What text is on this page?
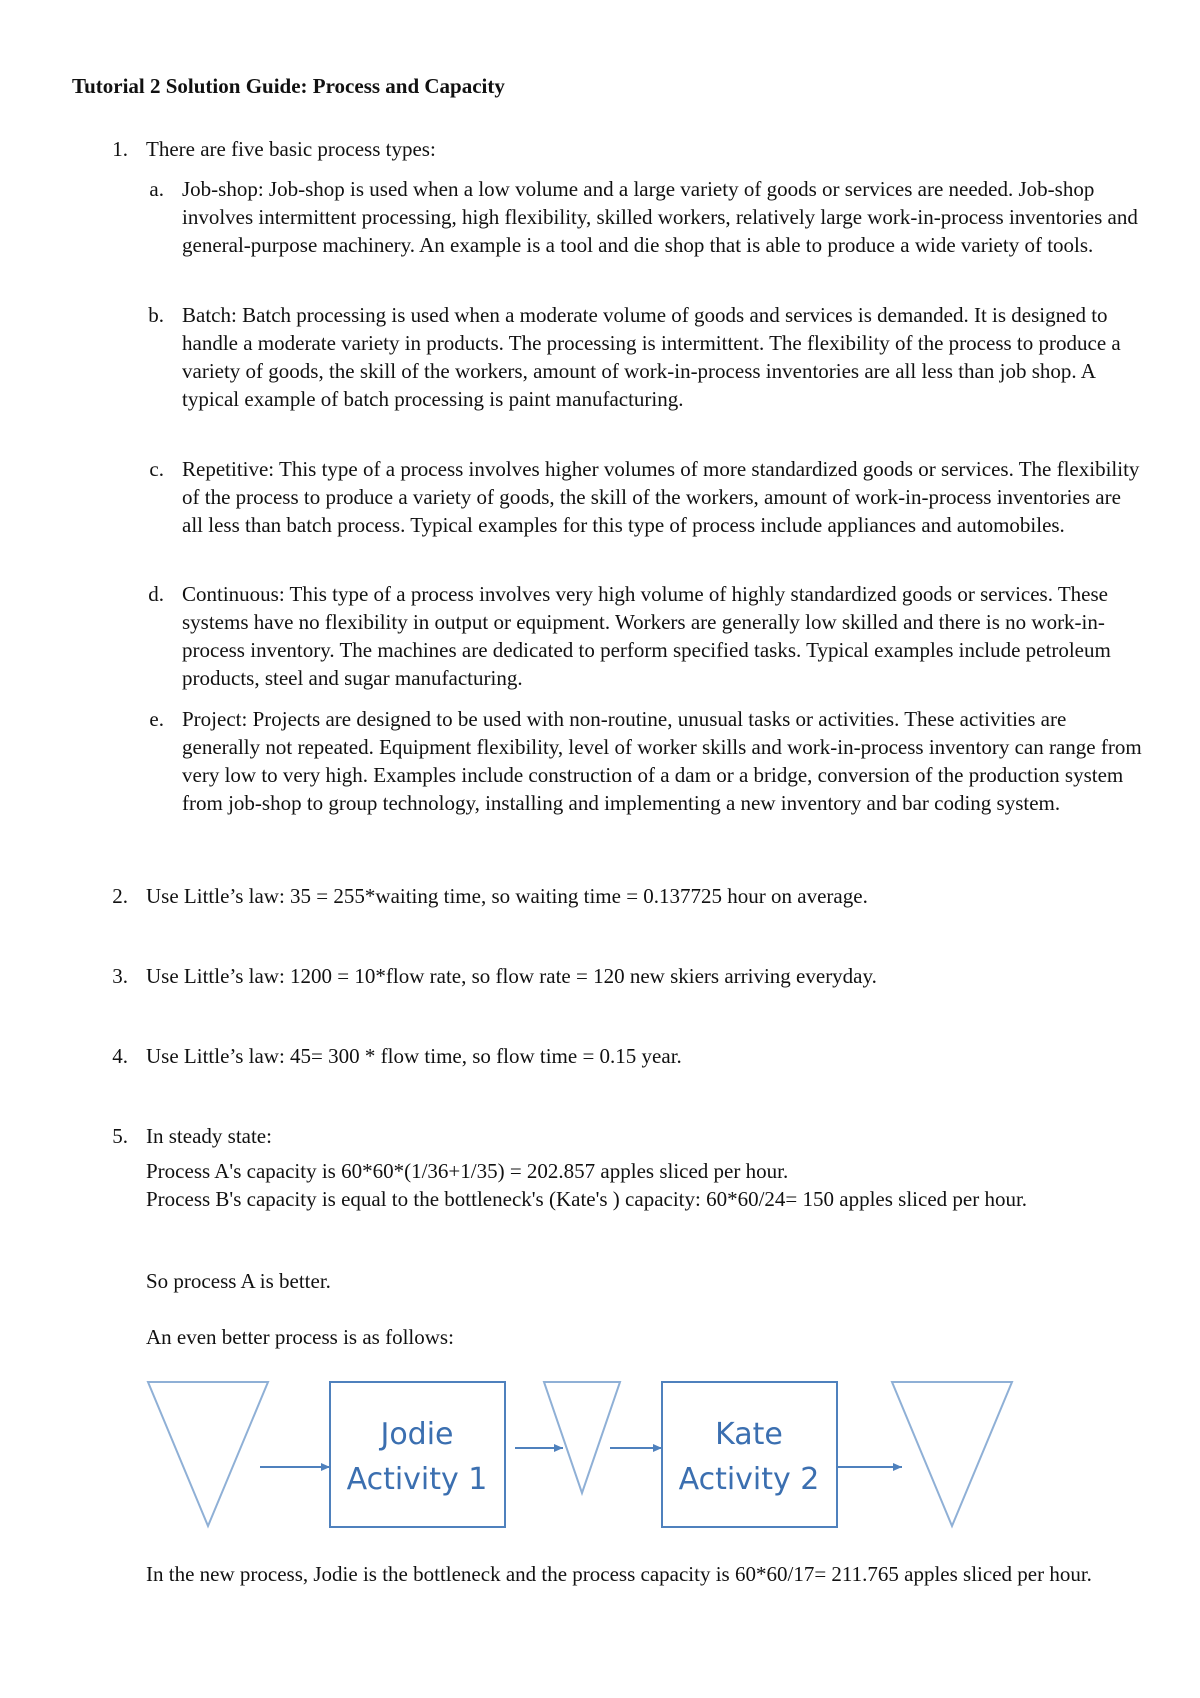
Tutorial 2 Solution Guide: Process and Capacity
1. There are five basic process types:
a. Job-shop: Job-shop is used when a low volume and a large variety of goods or services are needed. Job-shop involves intermittent processing, high flexibility, skilled workers, relatively large work-in-process inventories and general-purpose machinery. An example is a tool and die shop that is able to produce a wide variety of tools.
b. Batch: Batch processing is used when a moderate volume of goods and services is demanded. It is designed to handle a moderate variety in products. The processing is intermittent. The flexibility of the process to produce a variety of goods, the skill of the workers, amount of work-in-process inventories are all less than job shop. A typical example of batch processing is paint manufacturing.
c. Repetitive: This type of a process involves higher volumes of more standardized goods or services. The flexibility of the process to produce a variety of goods, the skill of the workers, amount of work-in-process inventories are all less than batch process. Typical examples for this type of process include appliances and automobiles.
d. Continuous: This type of a process involves very high volume of highly standardized goods or services. These systems have no flexibility in output or equipment. Workers are generally low skilled and there is no work-in-process inventory. The machines are dedicated to perform specified tasks. Typical examples include petroleum products, steel and sugar manufacturing.
e. Project: Projects are designed to be used with non-routine, unusual tasks or activities. These activities are generally not repeated. Equipment flexibility, level of worker skills and work-in-process inventory can range from very low to very high. Examples include construction of a dam or a bridge, conversion of the production system from job-shop to group technology, installing and implementing a new inventory and bar coding system.
2. Use Little’s law: 35 = 255*waiting time, so waiting time = 0.137725 hour on average.
3. Use Little’s law: 1200 = 10*flow rate, so flow rate = 120 new skiers arriving everyday.
4. Use Little’s law: 45= 300 * flow time, so flow time = 0.15 year.
5. In steady state:
Process A's capacity is 60*60*(1/36+1/35) = 202.857 apples sliced per hour.
Process B's capacity is equal to the bottleneck's (Kate's ) capacity: 60*60/24= 150 apples sliced per hour.
So process A is better.
An even better process is as follows:
Jodie
Activity 1
Kate
Activity 2
In the new process, Jodie is the bottleneck and the process capacity is 60*60/17= 211.765 apples sliced per hour.
